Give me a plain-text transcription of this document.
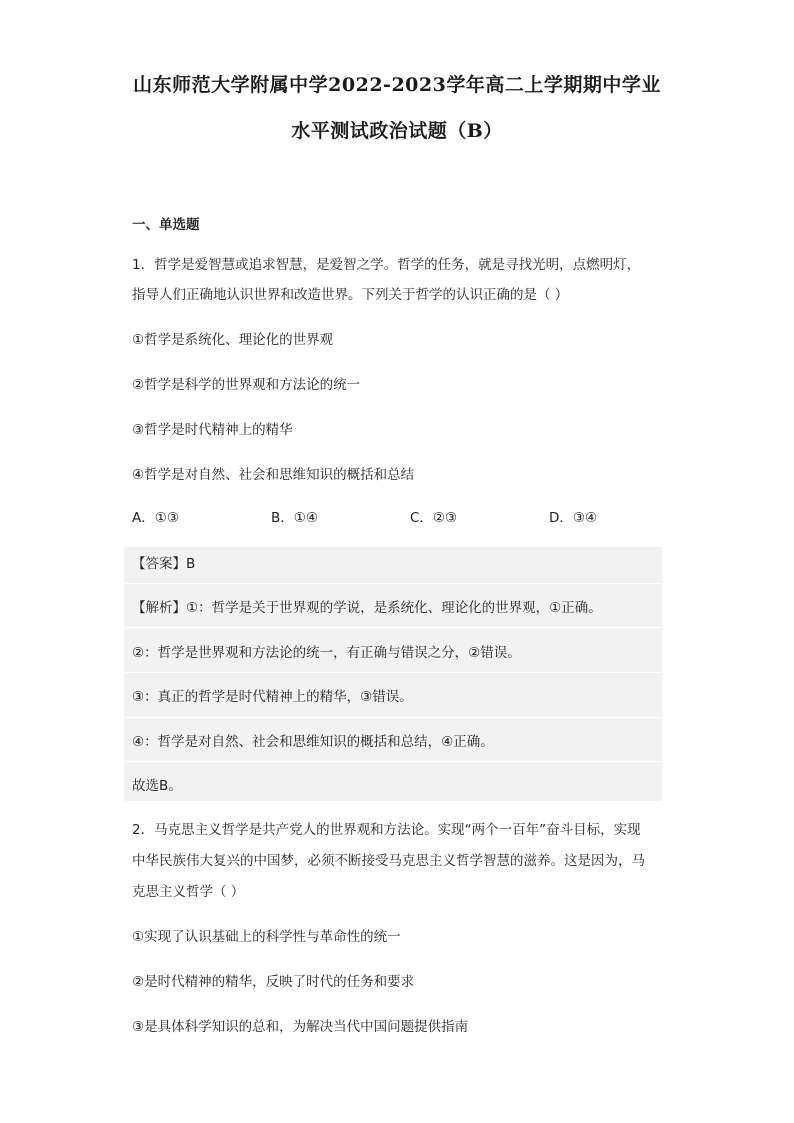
山东师范大学附属中学2022-2023学年高二上学期期中学业
水平测试政治试题（B）
一、单选题
1．哲学是爱智慧或追求智慧，是爱智之学。哲学的任务，就是寻找光明，点燃明灯，
指导人们正确地认识世界和改造世界。下列关于哲学的认识正确的是（ ）
①哲学是系统化、理论化的世界观
②哲学是科学的世界观和方法论的统一
③哲学是时代精神上的精华
④哲学是对自然、社会和思维知识的概括和总结
A．①③	B．①④	C．②③	D．③④
【答案】B
【解析】①：哲学是关于世界观的学说，是系统化、理论化的世界观，①正确。
②：哲学是世界观和方法论的统一，有正确与错误之分，②错误。
③：真正的哲学是时代精神上的精华，③错误。
④：哲学是对自然、社会和思维知识的概括和总结，④正确。
故选B。
2．马克思主义哲学是共产党人的世界观和方法论。实现“两个一百年”奋斗目标，实现
中华民族伟大复兴的中国梦，必须不断接受马克思主义哲学智慧的滋养。这是因为，马
克思主义哲学（ ）
①实现了认识基础上的科学性与革命性的统一
②是时代精神的精华，反映了时代的任务和要求
③是具体科学知识的总和，为解决当代中国问题提供指南
